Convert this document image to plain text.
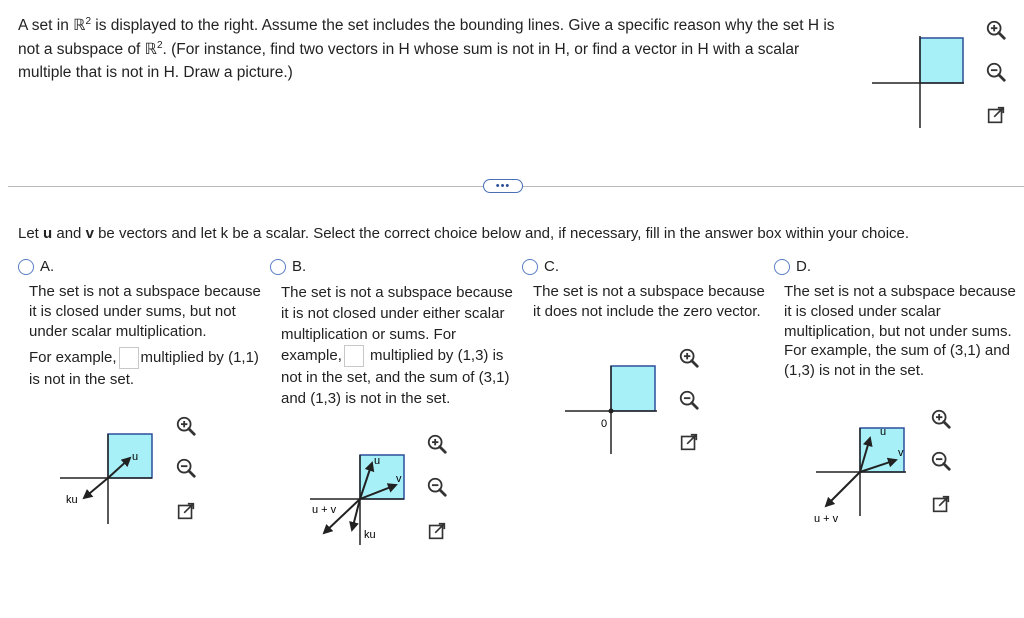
A set in ℝ$^2$ is displayed to the right. Assume the set includes the bounding lines. Give a specific reason why the set H is not a subspace of ℝ$^2$. (For instance, find two vectors in H whose sum is not in H, or find a vector in H with a scalar multiple that is not in H. Draw a picture.)
•••
Let u and v be vectors and let k be a scalar. Select the correct choice below and, if necessary, fill in the answer box within your choice.
A.
The set is not a subspace because it is closed under sums, but not under scalar multiplication.
For example, multiplied by (1,1) is not in the set.
u
ku
B.
The set is not a subspace because it is not closed under either scalar multiplication or sums. For example, multiplied by (1,3) is not in the set, and the sum of (3,1) and (1,3) is not in the set.
u
v
u + v
ku
C.
The set is not a subspace because it does not include the zero vector.
0
D.
The set is not a subspace because it is closed under scalar multiplication, but not under sums. For example, the sum of (3,1) and (1,3) is not in the set.
u
v
u + v
